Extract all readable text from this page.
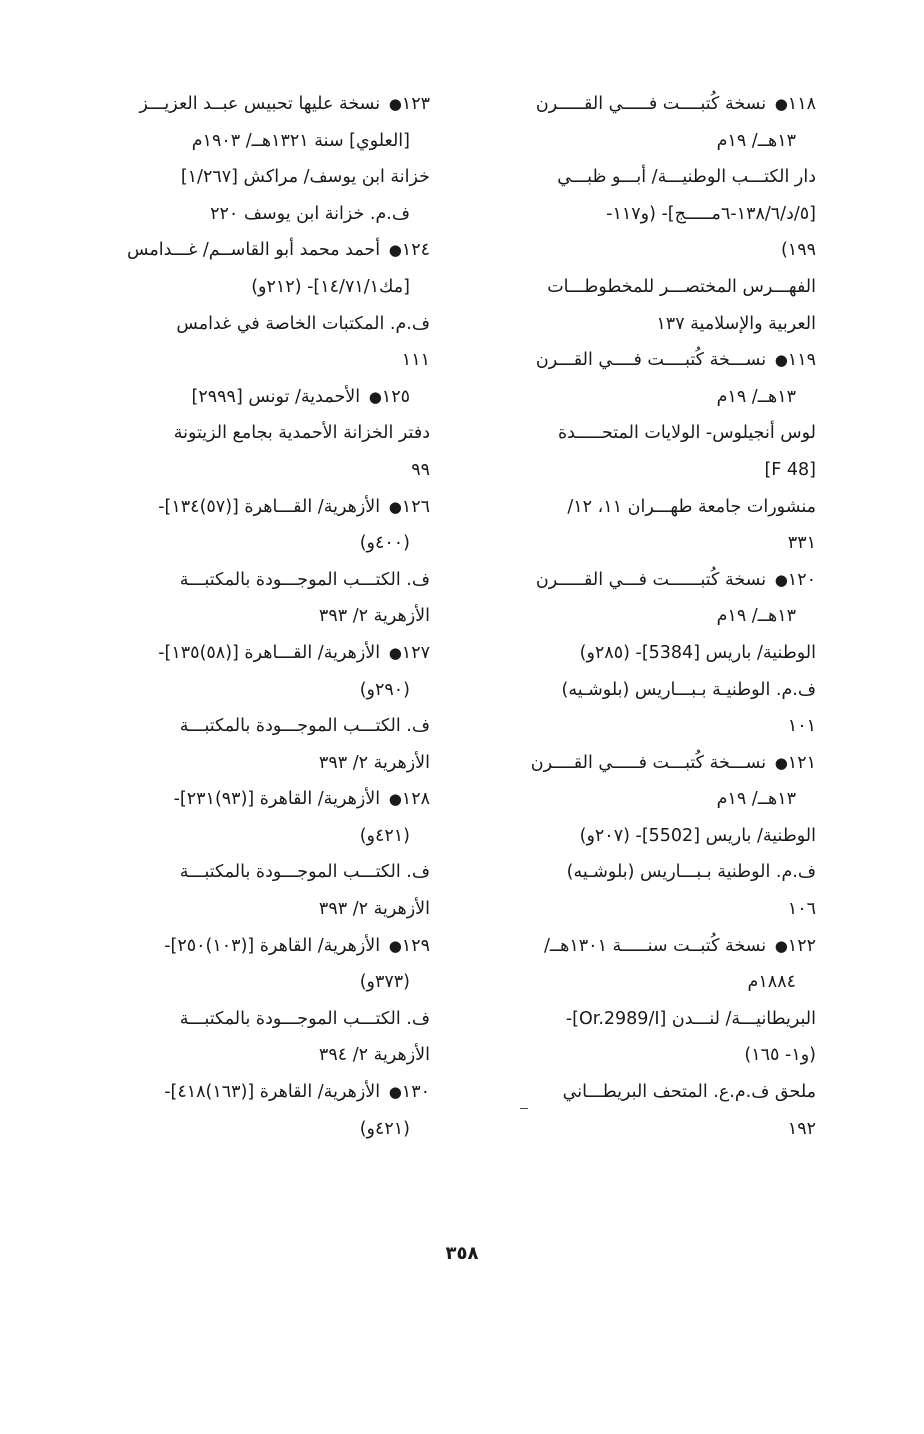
١١٨● نسخة كُتبــــت فـــــي القـــــرن
١٣هــ/ ١٩م
دار الكتـــب الوطنيـــة/ أبـــو ظبـــي
[٥/د/١٣٨/٦-٦مـــــج]- (و١١٧-
١٩٩)
الفهـــرس المختصـــر للمخطوطـــات
العربية والإسلامية ١٣٧
١١٩● نســـخة كُتبــــت فــــي القـــرن
١٣هــ/ ١٩م
لوس أنجيلوس- الولايات المتحـــــدة
[F 48]
منشورات جامعة طهـــران ١١، ١٢/
٣٣١
١٢٠● نسخة كُتبــــــت فـــي القـــــرن
١٣هــ/ ١٩م
الوطنية/ باريس [5384]- (٢٨٥و)
ف.م. الوطنيـة بـبـــاريس (بلوشـيه)
١٠١
١٢١● نســـخة كُتبـــت فـــــي القــــرن
١٣هــ/ ١٩م
الوطنية/ باريس [5502]- (٢٠٧و)
ف.م. الوطنية بـبـــاريس (بلوشـيه)
١٠٦
١٢٢● نسخة كُتبــت سنـــــة ١٣٠١هــ/
١٨٨٤م
البريطانيـــة/ لنـــدن [Or.2989/I]-
(و١- ١٦٥)
ملحق ف.م.ع. المتحف البريطـــاني
١٩٢
١٢٣● نسخة عليها تحبيس عبــد العزيـــز
[العلوي] سنة ١٣٢١هــ/ ١٩٠٣م
خزانة ابن يوسف/ مراكش [١/٢٦٧]
ف.م. خزانة ابن يوسف ٢٢٠
١٢٤● أحمد محمد أبو القاســم/ غـــدامس
[مك١٤/٧١/١]- (٢١٢و)
ف.م. المكتبات الخاصة في غدامس
١١١
١٢٥● الأحمدية/ تونس [٢٩٩٩]
دفتر الخزانة الأحمدية بجامع الزيتونة
٩٩
١٢٦● الأزهرية/ القـــاهرة [(٥٧)١٣٤]-
(٤٠٠و)
ف. الكتـــب الموجـــودة بالمكتبـــة
الأزهرية ٢/ ٣٩٣
١٢٧● الأزهرية/ القـــاهرة [(٥٨)١٣٥]-
(٢٩٠و)
ف. الكتـــب الموجـــودة بالمكتبـــة
الأزهرية ٢/ ٣٩٣
١٢٨● الأزهرية/ القاهرة [(٩٣)٢٣١]-
(٤٢١و)
ف. الكتـــب الموجـــودة بالمكتبـــة
الأزهرية ٢/ ٣٩٣
١٢٩● الأزهرية/ القاهرة [(١٠٣)٢٥٠]-
(٣٧٣و)
ف. الكتـــب الموجـــودة بالمكتبـــة
الأزهرية ٢/ ٣٩٤
١٣٠● الأزهرية/ القاهرة [(١٦٣)٤١٨]-
(٤٢١و)
٣٥٨
